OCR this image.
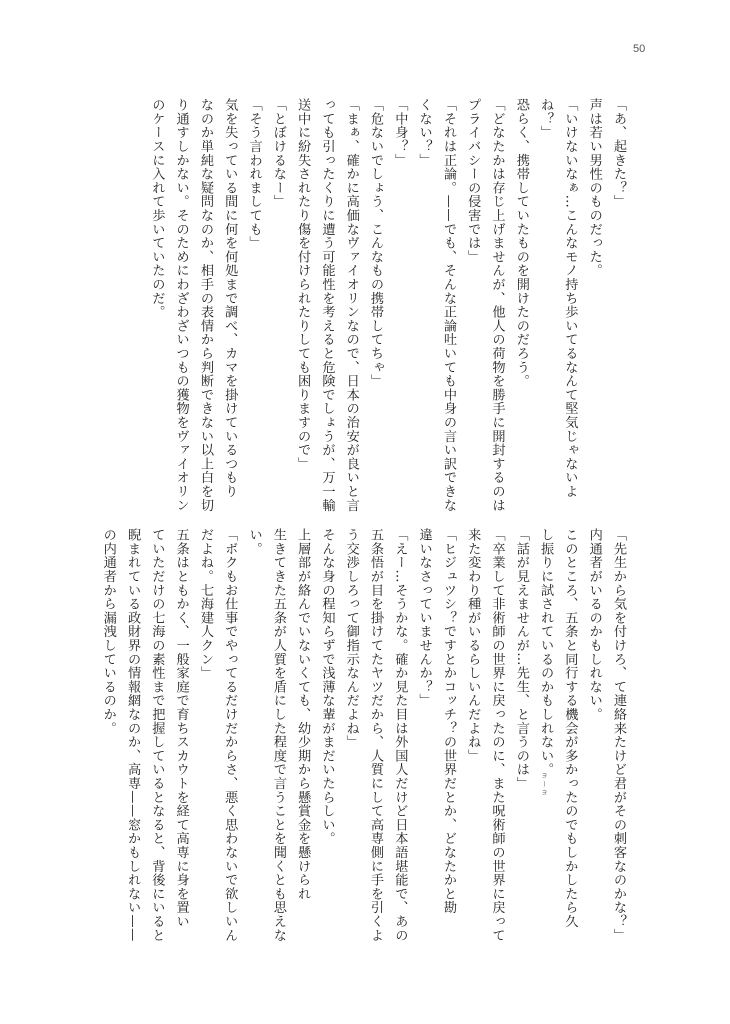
50

「あ、起きた？」

声は若い男性のものだった。

「いけないなぁ…こんなモノ持ち歩いてるなんて堅気じゃないよ

ね？」

恐らく、携帯していたものを開けたのだろう。

「どなたかは存じ上げませんが、他人の荷物を勝手に開封するのは

プライバシーの侵害では」

「それは正論。——でも、そんな正論吐いても中身の言い訳できな

くない？」

「中身？」

「危ないでしょう、こんなもの携帯してちゃ」

「まぁ、確かに高価なヴァイオリンなので、日本の治安が良いと言

っても引ったくりに遭う可能性を考えると危険でしょうが、万一輸

送中に紛失されたり傷を付けられたりしても困りますので」

「とぼけるなー」

「そう言われましても」

気を失っている間に何を何処まで調べ、カマを掛けているつもり

なのか単純な疑問なのか、相手の表情から判断できない以上白を切

り通すしかない。そのためにわざわざいつもの獲物をヴァイオリン

のケースに入れて歩いていたのだ。

「先生から気を付けろ、て連絡来たけど君がその刺客なのかな？」

内通者がいるのかもしれない。

このところ、五条と同行する機会が多かったのでもしかしたら久

し振りに試されているのかもしれない。

「話が見えませんが…先生、と言うのは」

「卒業して非術師の世界に戻ったのに、また呪術師の世界に戻って

来た変わり種がいるらしいんだよね」

「ヒジュツシ？ですとかコッチ？の世界だとか、どなたかと勘

違いなさっていませんか？」

「えー…そうかな。確か見た目は外国人だけど日本語堪能で、あの

五条悟が目を掛けてたヤツだから、人質にして高専側に手を引くよ

う交渉しろって御指示なんだよね」

そんな身の程知らずで浅薄な輩がまだいたらしい。

上層部が絡んでいないくても、幼少期から懸賞金を懸けられ

生きてきた五条が人質を盾にした程度で言うことを聞くとも思えな

い。

「ボクもお仕事でやってるだけだからさ、悪く思わないで欲しいん

だよね。七海建人クン」

五条はともかく、一般家庭で育ちスカウトを経て高専に身を置い

ていただけの七海の素性まで把握しているとなると、背後にいると

睨まれている政財界の情報網なのか、高専——窓かもしれない——

の内通者から漏洩しているのか。

ヨーヨ
